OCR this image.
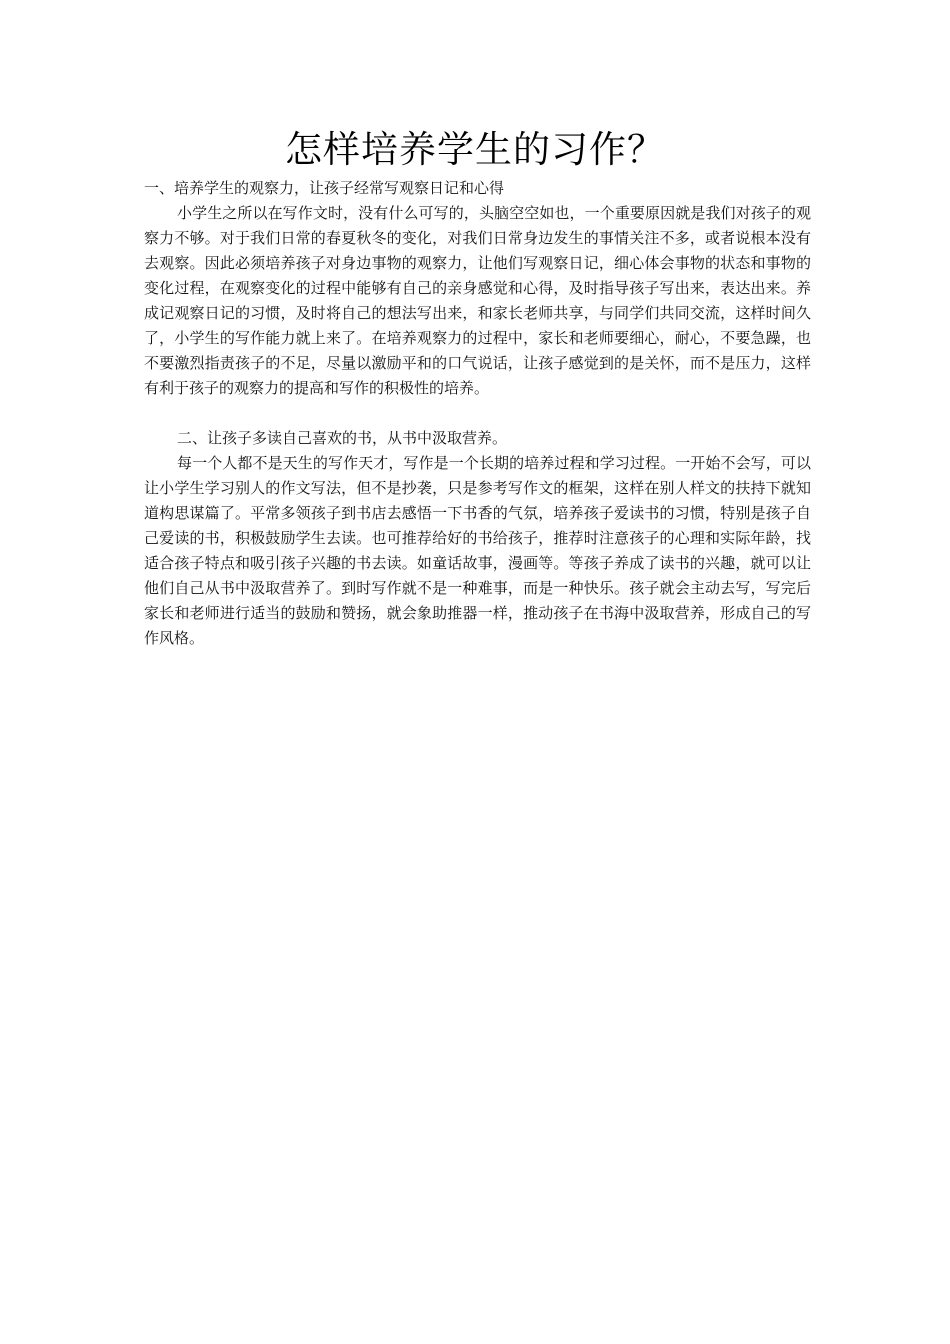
怎样培养学生的习作？
一、培养学生的观察力，让孩子经常写观察日记和心得

小学生之所以在写作文时，没有什么可写的，头脑空空如也，一个重要原因就是我们对孩子的观察力不够。对于我们日常的春夏秋冬的变化，对我们日常身边发生的事情关注不多，或者说根本没有去观察。因此必须培养孩子对身边事物的观察力，让他们写观察日记，细心体会事物的状态和事物的变化过程，在观察变化的过程中能够有自己的亲身感觉和心得，及时指导孩子写出来，表达出来。养成记观察日记的习惯，及时将自己的想法写出来，和家长老师共享，与同学们共同交流，这样时间久了，小学生的写作能力就上来了。在培养观察力的过程中，家长和老师要细心，耐心，不要急躁，也不要激烈指责孩子的不足，尽量以激励平和的口气说话，让孩子感觉到的是关怀，而不是压力，这样有利于孩子的观察力的提高和写作的积极性的培养。

二、让孩子多读自己喜欢的书，从书中汲取营养。

每一个人都不是天生的写作天才，写作是一个长期的培养过程和学习过程。一开始不会写，可以让小学生学习别人的作文写法，但不是抄袭，只是参考写作文的框架，这样在别人样文的扶持下就知道构思谋篇了。平常多领孩子到书店去感悟一下书香的气氛，培养孩子爱读书的习惯，特别是孩子自己爱读的书，积极鼓励学生去读。也可推荐给好的书给孩子，推荐时注意孩子的心理和实际年龄，找适合孩子特点和吸引孩子兴趣的书去读。如童话故事，漫画等。等孩子养成了读书的兴趣，就可以让他们自己从书中汲取营养了。到时写作就不是一种难事，而是一种快乐。孩子就会主动去写，写完后家长和老师进行适当的鼓励和赞扬，就会象助推器一样，推动孩子在书海中汲取营养，形成自己的写作风格。
